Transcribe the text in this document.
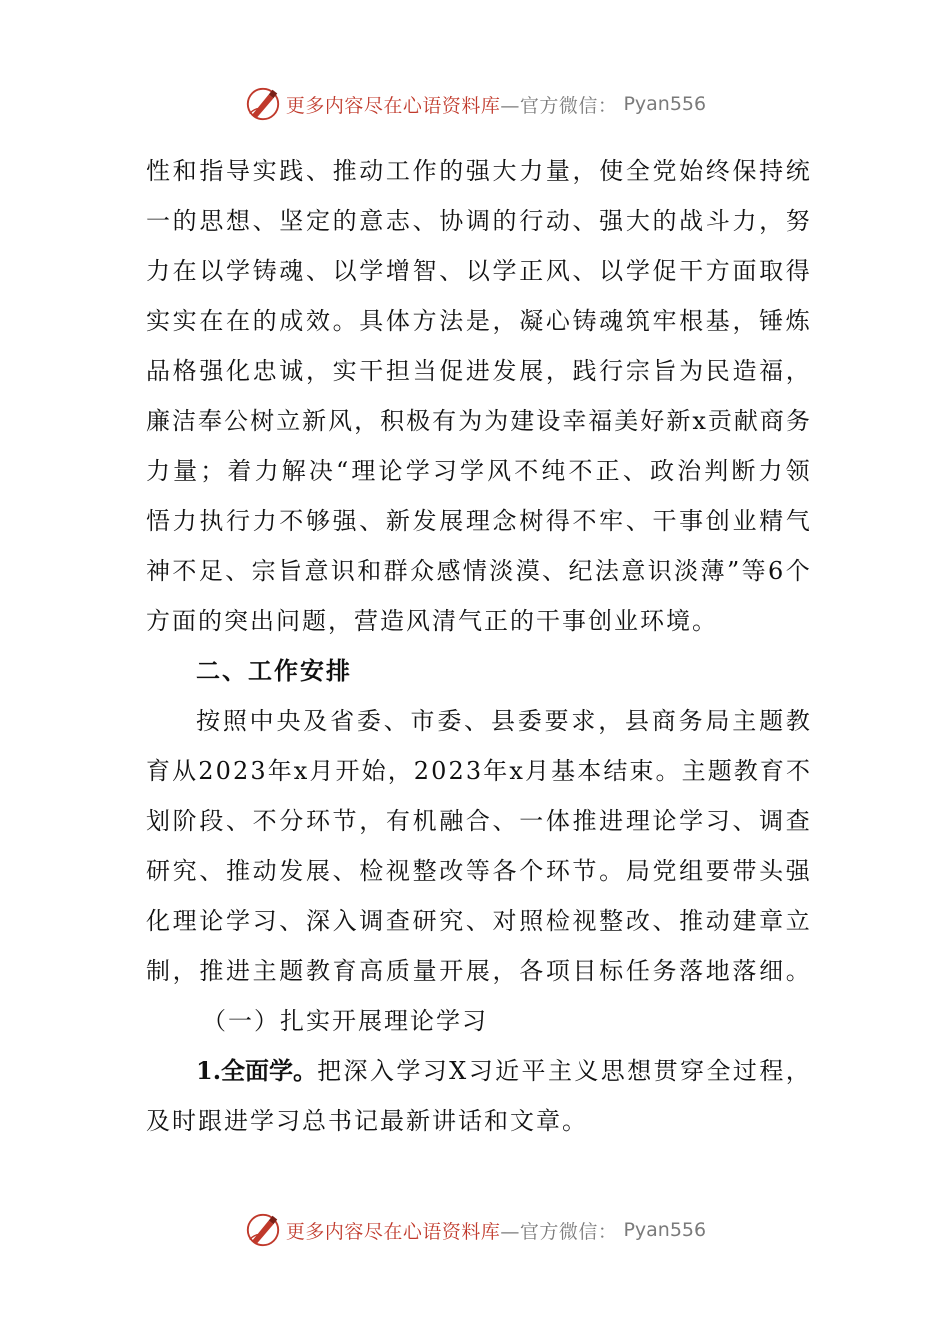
更多内容尽在心语资料库 —官方微信： Pyan556
性 和 指 导 实 践 、 推 动 工 作 的 强 大 力 量 ， 使 全 党 始 终 保 持 统
一 的 思 想 、 坚 定 的 意 志 、 协 调 的 行 动 、 强 大 的 战 斗 力 ， 努
力 在 以 学 铸 魂 、 以 学 增 智 、 以 学 正 风 、 以 学 促 干 方 面 取 得
实 实 在 在 的 成 效 。 具 体 方 法 是 ， 凝 心 铸 魂 筑 牢 根 基 ， 锤 炼
品 格 强 化 忠 诚 ， 实 干 担 当 促 进 发 展 ， 践 行 宗 旨 为 民 造 福 ，
廉 洁 奉 公 树 立 新 风 ， 积 极 有 为 为 建 设 幸 福 美 好 新 x 贡 献 商 务
力 量 ； 着 力 解 决 “ 理 论 学 习 学 风 不 纯 不 正 、 政 治 判 断 力 领
悟 力 执 行 力 不 够 强 、 新 发 展 理 念 树 得 不 牢 、 干 事 创 业 精 气
神 不 足 、 宗 旨 意 识 和 群 众 感 情 淡 漠 、 纪 法 意 识 淡 薄 ” 等 6 个
方面的突出问题，营造风清气正的干事创业环境。
二、工作安排
按 照 中 央 及 省 委 、 市 委 、 县 委 要 求 ， 县 商 务 局 主 题 教
育 从 2 0 2 3 年 x 月 开 始 ， 2 0 2 3 年 x 月 基 本 结 束 。 主 题 教 育 不
划 阶 段 、 不 分 环 节 ， 有 机 融 合 、 一 体 推 进 理 论 学 习 、 调 查
研 究 、 推 动 发 展 、 检 视 整 改 等 各 个 环 节 。 局 党 组 要 带 头 强
化 理 论 学 习 、 深 入 调 查 研 究 、 对 照 检 视 整 改 、 推 动 建 章 立
制 ， 推 进 主 题 教 育 高 质 量 开 展 ， 各 项 目 标 任 务 落 地 落 细 。
（一）扎实开展理论学习
1.全面学。 把 深 入 学 习 X 习 近 平 主 义 思 想 贯 穿 全 过 程 ，
及时跟进学习总书记最新讲话和文章。
更多内容尽在心语资料库 —官方微信： Pyan556
